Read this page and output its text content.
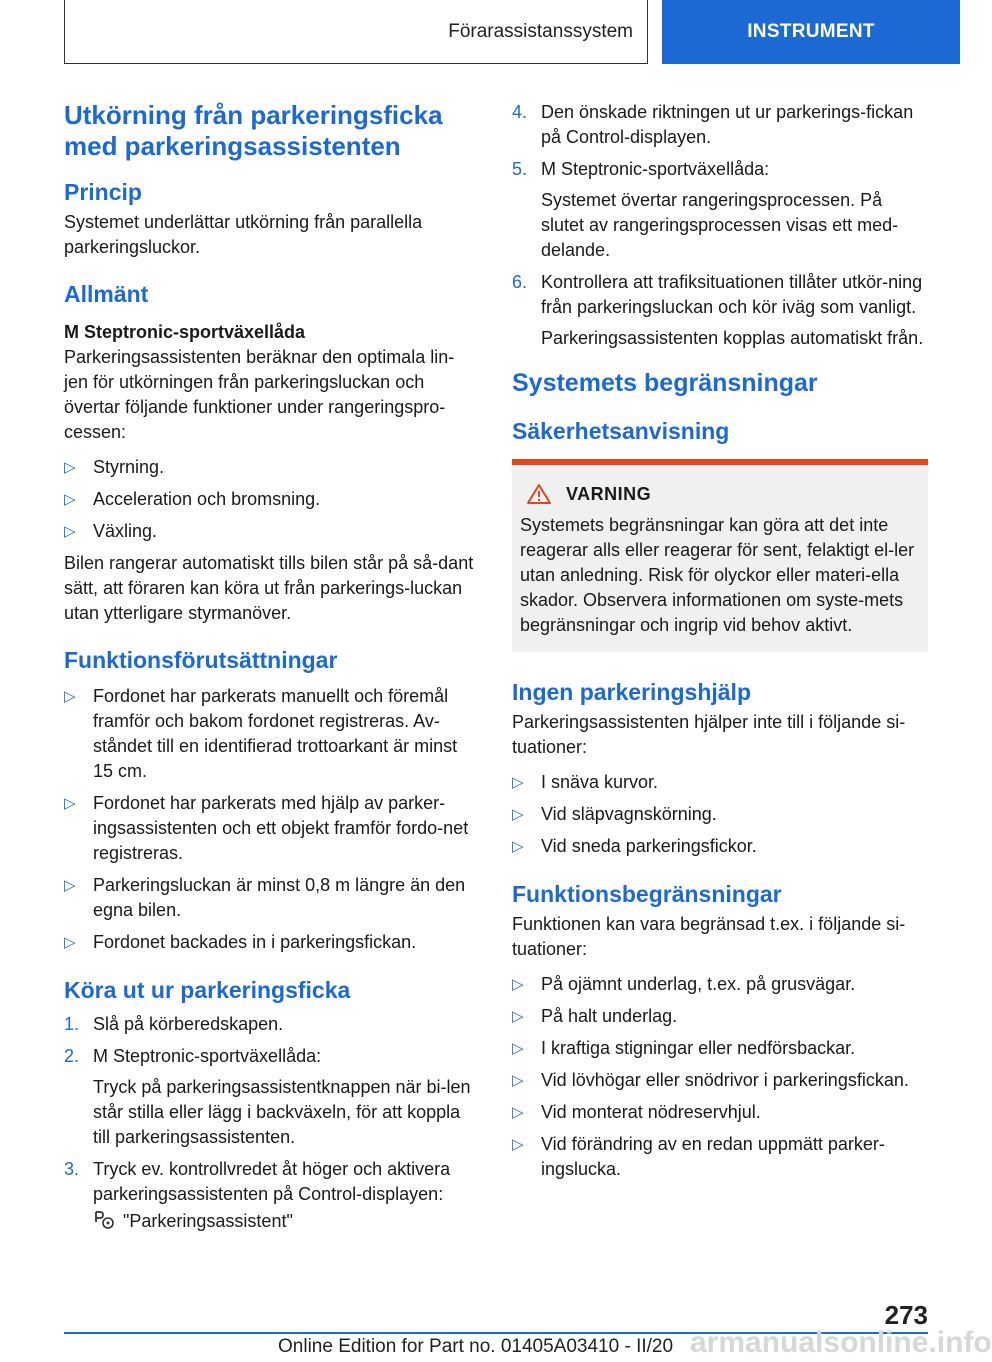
Förarassistanssystem	INSTRUMENT
Utkörning från parkeringsficka med parkeringsassistenten
Princip

Systemet underlättar utkörning från parallella parkeringsluckor.

Allmänt
M Steptronic-sportväxellåda

Parkeringsassistenten beräknar den optimala lin‐jen för utkörningen från parkeringsluckan och övertar följande funktioner under rangeringspro‐cessen:

▷ Styrning.
▷ Acceleration och bromsning.
▷ Växling.

Bilen rangerar automatiskt tills bilen står på så‐dant sätt, att föraren kan köra ut från parkerings‐luckan utan ytterligare styrmanöver.

Funktionsförutsättningar
▷ Fordonet har parkerats manuellt och föremål framför och bakom fordonet registreras. Av‐ståndet till en identifierad trottoarkant är minst 15 cm.
▷ Fordonet har parkerats med hjälp av parker‐ingsassistenten och ett objekt framför fordo‐net registreras.
▷ Parkeringsluckan är minst 0,8 m längre än den egna bilen.
▷ Fordonet backades in i parkeringsfickan.
Köra ut ur parkeringsficka
1. Slå på körberedskapen.
2. M Steptronic-sportväxellåda:

Tryck på parkeringsassistentknappen när bi‐len står stilla eller lägg i backväxeln, för att koppla till parkeringsassistenten.

3. Tryck ev. kontrollvredet åt höger och aktivera parkeringsassistenten på Control-displayen:
"Parkeringsassistent"
4. Den önskade riktningen ut ur parkerings‐fickan på Control-displayen.
5. M Steptronic-sportväxellåda:

Systemet övertar rangeringsprocessen. På slutet av rangeringsprocessen visas ett med‐delande.

6. Kontrollera att trafiksituationen tillåter utkör‐ning från parkeringsluckan och kör iväg som vanligt.

Parkeringsassistenten kopplas automatiskt från.

Systemets begränsningar
Säkerhetsanvisning
VARNING
Systemets begränsningar kan göra att det inte reagerar alls eller reagerar för sent, felaktigt el‐ler utan anledning. Risk för olyckor eller materi‐ella skador. Observera informationen om syste‐mets begränsningar och ingrip vid behov aktivt.
Ingen parkeringshjälp

Parkeringsassistenten hjälper inte till i följande si‐tuationer:

▷ I snäva kurvor.
▷ Vid släpvagnskörning.
▷ Vid sneda parkeringsfickor.
Funktionsbegränsningar

Funktionen kan vara begränsad t.ex. i följande si‐tuationer:

▷ På ojämnt underlag, t.ex. på grusvägar.
▷ På halt underlag.
▷ I kraftiga stigningar eller nedförsbackar.
▷ Vid lövhögar eller snödrivor i parkeringsfickan.
▷ Vid monterat nödreservhjul.
▷ Vid förändring av en redan uppmätt parker‐ingslucka.
273
Online Edition for Part no. 01405A03410 - II/20 armanualsonline.info
